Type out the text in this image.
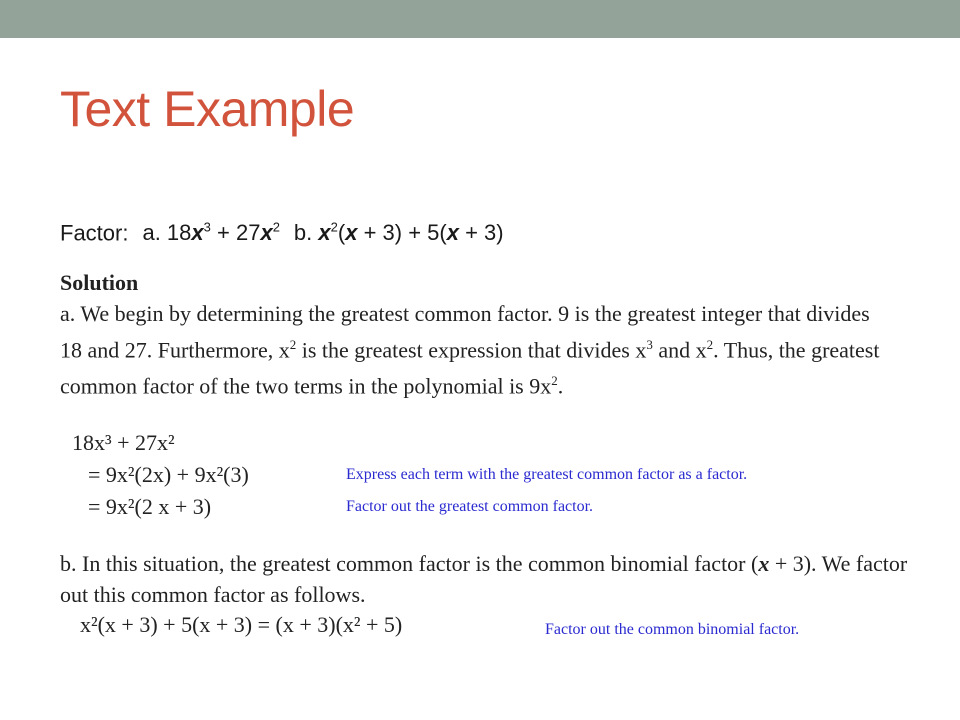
Text Example
Factor: a. $18x^3 + 27x^2$ b. $x^2(x + 3) + 5(x + 3)$
Solution
a. We begin by determining the greatest common factor. 9 is the greatest integer that divides 18 and 27. Furthermore, $x^2$ is the greatest expression that divides $x^3$ and $x^2$. Thus, the greatest common factor of the two terms in the polynomial is $9x^2$.
18x³ + 27x²
= 9x²(2x) + 9x²(3)	Express each term with the greatest common factor as a factor.
= 9x²(2 x + 3)	Factor out the greatest common factor.
b. In this situation, the greatest common factor is the common binomial factor (x + 3). We factor out this common factor as follows.
x²(x + 3) + 5(x + 3) = (x + 3)(x² + 5)	Factor out the common binomial factor.
